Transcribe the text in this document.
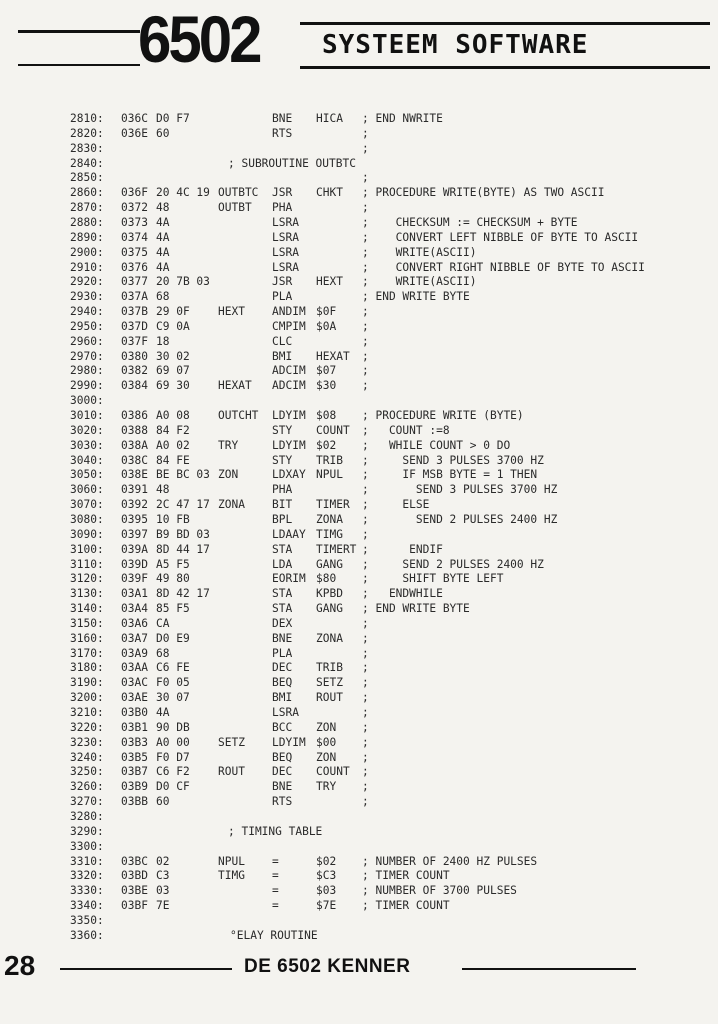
6502 SYSTEEM SOFTWARE
2810: 036C D0 F7	BNE HICA ; END NWRITE
2820: 036E 60	RTS	;
2830:	;
2840:	; SUBROUTINE OUTBTC
2850:	;
2860: 036F 20 4C 19 OUTBTC JSR CHKT ; PROCEDURE WRITE(BYTE) AS TWO ASCII
2870: 0372 48	OUTBT PHA	;
2880: 0373 4A	LSRA	;    CHECKSUM := CHECKSUM + BYTE
2890: 0374 4A	LSRA	;    CONVERT LEFT NIBBLE OF BYTE TO ASCII
2900: 0375 4A	LSRA	;    WRITE(ASCII)
2910: 0376 4A	LSRA	;    CONVERT RIGHT NIBBLE OF BYTE TO ASCII
2920: 0377 20 7B 03	JSR HEXT ;    WRITE(ASCII)
2930: 037A 68	PLA	; END WRITE BYTE
2940: 037B 29 0F	HEXT ANDIM $0F ;
2950: 037D C9 0A	CMPIM $0A ;
2960: 037F 18	CLC	;
2970: 0380 30 02	BMI HEXAT ;
2980: 0382 69 07	ADCIM $07 ;
2990: 0384 69 30	HEXAT ADCIM $30 ;
3000:
3010: 0386 A0 08	OUTCHT LDYIM $08 ; PROCEDURE WRITE (BYTE)
3020: 0388 84 F2	STY COUNT ;   COUNT :=8
3030: 038A A0 02	TRY	LDYIM $02 ;   WHILE COUNT > 0 DO
3040: 038C 84 FE	STY TRIB ;     SEND 3 PULSES 3700 HZ
3050: 038E BE BC 03 ZON	LDXAY NPUL ;     IF MSB BYTE = 1 THEN
3060: 0391 48	PHA	;       SEND 3 PULSES 3700 HZ
3070: 0392 2C 47 17 ZONA BIT TIMER ;     ELSE
3080: 0395 10 FB	BPL ZONA ;       SEND 2 PULSES 2400 HZ
3090: 0397 B9 BD 03	LDAAY TIMG ;
3100: 039A 8D 44 17	STA TIMERT ;      ENDIF
3110: 039D A5 F5	LDA GANG ;     SEND 2 PULSES 2400 HZ
3120: 039F 49 80	EORIM $80 ;     SHIFT BYTE LEFT
3130: 03A1 8D 42 17	STA KPBD ;   ENDWHILE
3140: 03A4 85 F5	STA GANG ; END WRITE BYTE
3150: 03A6 CA	DEX	;
3160: 03A7 D0 E9	BNE ZONA ;
3170: 03A9 68	PLA	;
3180: 03AA C6 FE	DEC TRIB ;
3190: 03AC F0 05	BEQ SETZ ;
3200: 03AE 30 07	BMI ROUT ;
3210: 03B0 4A	LSRA	;
3220: 03B1 90 DB	BCC ZON ;
3230: 03B3 A0 00	SETZ LDYIM $00 ;
3240: 03B5 F0 D7	BEQ ZON ;
3250: 03B7 C6 F2	ROUT DEC COUNT ;
3260: 03B9 D0 CF	BNE TRY ;
3270: 03BB 60	RTS	;
3280:
3290:	; TIMING TABLE
3300:
3310: 03BC 02	NPUL =	$02 ; NUMBER OF 2400 HZ PULSES
3320: 03BD C3	TIMG =	$C3 ; TIMER COUNT
3330: 03BE 03	=	$03 ; NUMBER OF 3700 PULSES
3340: 03BF 7E	=	$7E ; TIMER COUNT
3350:
3360:	°ELAY ROUTINE
28	DE 6502 KENNER
